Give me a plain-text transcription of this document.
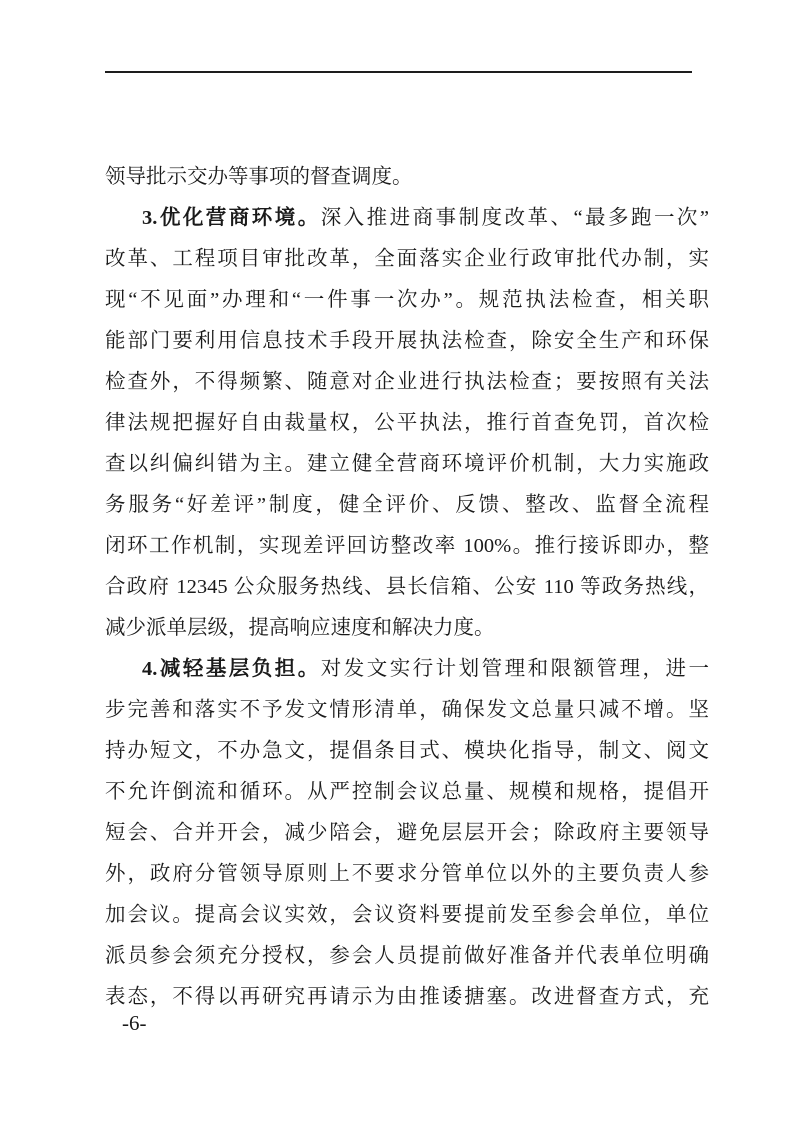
领导批示交办等事项的督查调度。
3.优化营商环境。深入推进商事制度改革、“最多跑一次”
改革、工程项目审批改革，全面落实企业行政审批代办制，实
现“不见面”办理和“一件事一次办”。规范执法检查，相关职
能部门要利用信息技术手段开展执法检查，除安全生产和环保
检查外，不得频繁、随意对企业进行执法检查；要按照有关法
律法规把握好自由裁量权，公平执法，推行首查免罚，首次检
查以纠偏纠错为主。建立健全营商环境评价机制，大力实施政
务服务“好差评”制度，健全评价、反馈、整改、监督全流程
闭环工作机制，实现差评回访整改率 100%。推行接诉即办，整
合政府 12345 公众服务热线、县长信箱、公安 110 等政务热线，
减少派单层级，提高响应速度和解决力度。
4.减轻基层负担。对发文实行计划管理和限额管理，进一
步完善和落实不予发文情形清单，确保发文总量只减不增。坚
持办短文，不办急文，提倡条目式、模块化指导，制文、阅文
不允许倒流和循环。从严控制会议总量、规模和规格，提倡开
短会、合并开会，减少陪会，避免层层开会；除政府主要领导
外，政府分管领导原则上不要求分管单位以外的主要负责人参
加会议。提高会议实效，会议资料要提前发至参会单位，单位
派员参会须充分授权，参会人员提前做好准备并代表单位明确
表态，不得以再研究再请示为由推诿搪塞。改进督查方式，充
-6-
